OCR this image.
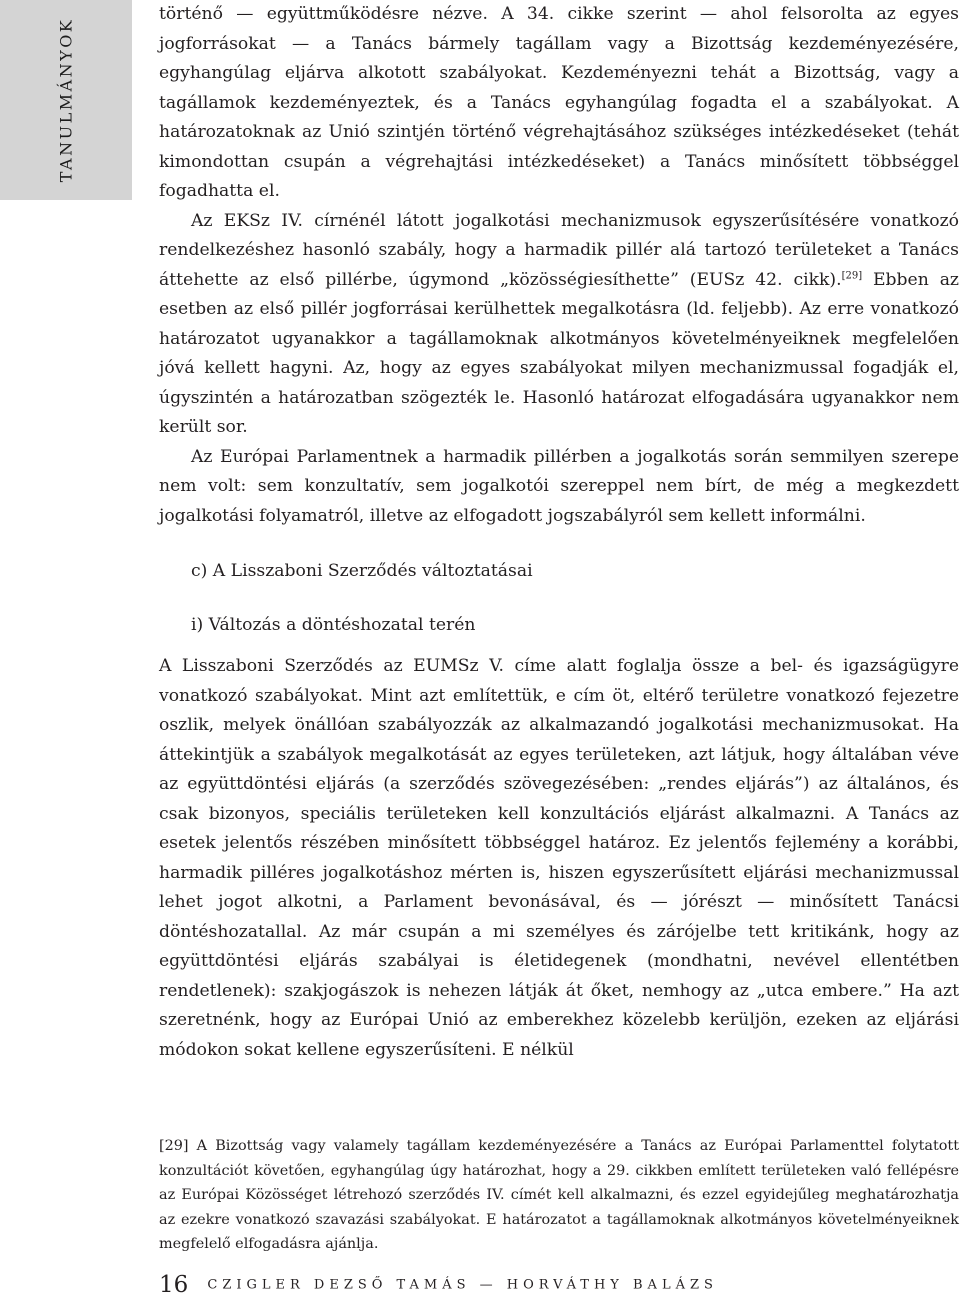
TANULMÁNYOK

történő — együttműködésre nézve. A 34. cikke szerint — ahol felsorolta az egyes jogforrásokat — a Tanács bármely tagállam vagy a Bizottság kezdeményezésére, egyhangúlag eljárva alkotott szabályokat. Kezdeményezni tehát a Bizottság, vagy a tagállamok kezdeményeztek, és a Tanács egyhangúlag fogadta el a szabályokat. A határozatoknak az Unió szintjén történő végrehajtásához szükséges intézkedéseket (tehát kimondottan csupán a végrehajtási intézkedéseket) a Tanács minősített többséggel fogadhatta el.

Az EKSz IV. círnénél látott jogalkotási mechanizmusok egyszerűsítésére vonatkozó rendelkezéshez hasonló szabály, hogy a harmadik pillér alá tartozó területeket a Tanács áttehette az első pillérbe, úgymond „közösségiesíthette” (EUSz 42. cikk).[29] Ebben az esetben az első pillér jogforrásai kerülhettek megalkotásra (ld. feljebb). Az erre vonatkozó határozatot ugyanakkor a tagállamoknak alkotmányos követelményeiknek megfelelően jóvá kellett hagyni. Az, hogy az egyes szabályokat milyen mechanizmussal fogadják el, úgyszintén a határozatban szögezték le. Hasonló határozat elfogadására ugyanakkor nem került sor.

Az Európai Parlamentnek a harmadik pillérben a jogalkotás során semmilyen szerepe nem volt: sem konzultatív, sem jogalkotói szereppel nem bírt, de még a megkezdett jogalkotási folyamatról, illetve az elfogadott jogszabályról sem kellett informálni.

c) A Lisszaboni Szerződés változtatásai
i) Változás a döntéshozatal terén

A Lisszaboni Szerződés az EUMSz V. címe alatt foglalja össze a bel- és igazságügyre vonatkozó szabályokat. Mint azt említettük, e cím öt, eltérő területre vonatkozó fejezetre oszlik, melyek önállóan szabályozzák az alkalmazandó jogalkotási mechanizmusokat. Ha áttekintjük a szabályok megalkotását az egyes területeken, azt látjuk, hogy általában véve az együttdöntési eljárás (a szerződés szövegezésében: „rendes eljárás”) az általános, és csak bizonyos, speciális területeken kell konzultációs eljárást alkalmazni. A Tanács az esetek jelentős részében minősített többséggel határoz. Ez jelentős fejlemény a korábbi, harmadik pilléres jogalkotáshoz mérten is, hiszen egyszerűsített eljárási mechanizmussal lehet jogot alkotni, a Parlament bevonásával, és — jórészt — minősített Tanácsi döntéshozatallal. Az már csupán a mi személyes és zárójelbe tett kritikánk, hogy az együttdöntési eljárás szabályai is életidegenek (mondhatni, nevével ellentétben rendetlenek): szakjogászok is nehezen látják át őket, nemhogy az „utca embere.” Ha azt szeretnénk, hogy az Európai Unió az emberekhez közelebb kerüljön, ezeken az eljárási módokon sokat kellene egyszerűsíteni. E nélkül

[29] A Bizottság vagy valamely tagállam kezdeményezésére a Tanács az Európai Parlamenttel folytatott konzultációt követően, egyhangúlag úgy határozhat, hogy a 29. cikkben említett területeken való fellépésre az Európai Közösséget létrehozó szerződés IV. címét kell alkalmazni, és ezzel egyidejűleg meghatározhatja az ezekre vonatkozó szavazási szabályokat. E határozatot a tagállamoknak alkotmányos követelményeiknek megfelelő elfogadásra ajánlja.

16 CZIGLER DEZSŐ TAMÁS — HORVÁTHY BALÁZS
